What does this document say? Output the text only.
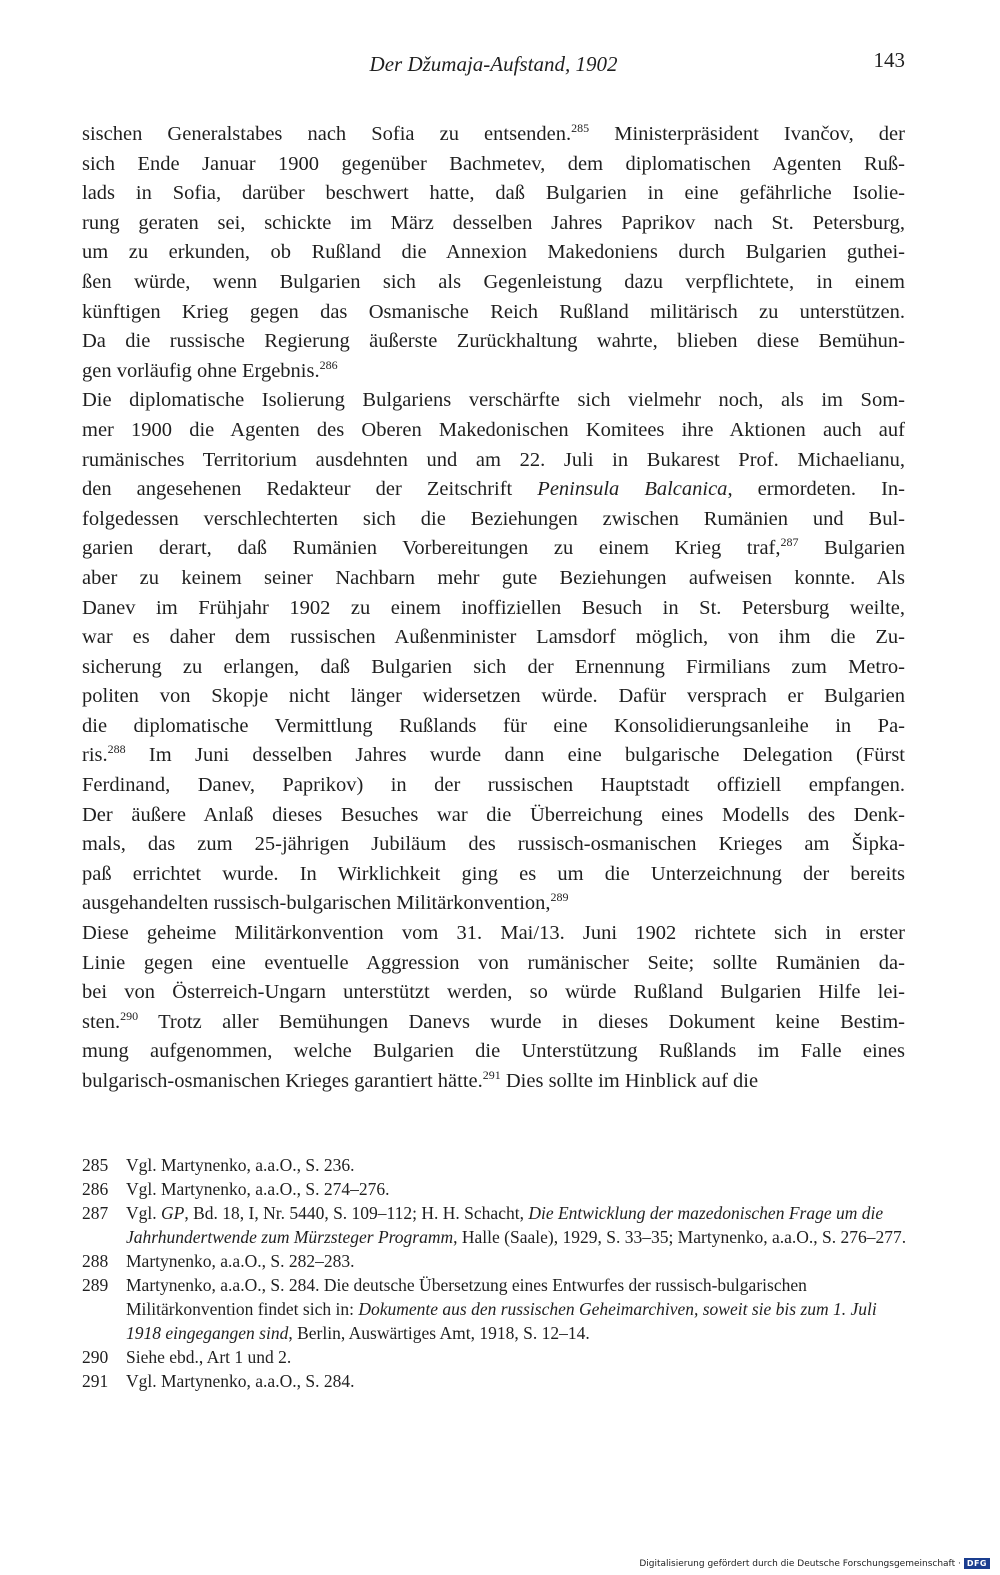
Der Džumaja-Aufstand, 1902	143

sischen Generalstabes nach Sofia zu entsenden.$^{285}$ Ministerpräsident Ivančov, der
sich Ende Januar 1900 gegenüber Bachmetev, dem diplomatischen Agenten Ruß-
lads in Sofia, darüber beschwert hatte, daß Bulgarien in eine gefährliche Isolie-
rung geraten sei, schickte im März desselben Jahres Paprikov nach St. Petersburg,
um zu erkunden, ob Rußland die Annexion Makedoniens durch Bulgarien guthei-
ßen würde, wenn Bulgarien sich als Gegenleistung dazu verpflichtete, in einem
künftigen Krieg gegen das Osmanische Reich Rußland militärisch zu unterstützen.
Da die russische Regierung äußerste Zurückhaltung wahrte, blieben diese Bemühun-
gen vorläufig ohne Ergebnis.$^{286}$

Die diplomatische Isolierung Bulgariens verschärfte sich vielmehr noch, als im Som-
mer 1900 die Agenten des Oberen Makedonischen Komitees ihre Aktionen auch auf
rumänisches Territorium ausdehnten und am 22. Juli in Bukarest Prof. Michaelianu,
den angesehenen Redakteur der Zeitschrift Peninsula Balcanica, ermordeten. In-
folgedessen verschlechterten sich die Beziehungen zwischen Rumänien und Bul-
garien derart, daß Rumänien Vorbereitungen zu einem Krieg traf,$^{287}$ Bulgarien
aber zu keinem seiner Nachbarn mehr gute Beziehungen aufweisen konnte. Als
Danev im Frühjahr 1902 zu einem inoffiziellen Besuch in St. Petersburg weilte,
war es daher dem russischen Außenminister Lamsdorf möglich, von ihm die Zu-
sicherung zu erlangen, daß Bulgarien sich der Ernennung Firmilians zum Metro-
politen von Skopje nicht länger widersetzen würde. Dafür versprach er Bulgarien
die diplomatische Vermittlung Rußlands für eine Konsolidierungsanleihe in Pa-
ris.$^{288}$ Im Juni desselben Jahres wurde dann eine bulgarische Delegation (Fürst
Ferdinand, Danev, Paprikov) in der russischen Hauptstadt offiziell empfangen.
Der äußere Anlaß dieses Besuches war die Überreichung eines Modells des Denk-
mals, das zum 25-jährigen Jubiläum des russisch-osmanischen Krieges am Šipka-
paß errichtet wurde. In Wirklichkeit ging es um die Unterzeichnung der bereits
ausgehandelten russisch-bulgarischen Militärkonvention,$^{289}$

Diese geheime Militärkonvention vom 31. Mai/13. Juni 1902 richtete sich in erster
Linie gegen eine eventuelle Aggression von rumänischer Seite; sollte Rumänien da-
bei von Österreich-Ungarn unterstützt werden, so würde Rußland Bulgarien Hilfe lei-
sten.$^{290}$ Trotz aller Bemühungen Danevs wurde in dieses Dokument keine Bestim-
mung aufgenommen, welche Bulgarien die Unterstützung Rußlands im Falle eines
bulgarisch-osmanischen Krieges garantiert hätte.$^{291}$ Dies sollte im Hinblick auf die

285	Vgl. Martynenko, a.a.O., S. 236.
286	Vgl. Martynenko, a.a.O., S. 274–276.
287	Vgl. GP, Bd. 18, I, Nr. 5440, S. 109–112; H. H. Schacht, Die Entwicklung der mazedonischen Frage um die Jahrhundertwende zum Mürzsteger Programm, Halle (Saale), 1929, S. 33–35; Martynenko, a.a.O., S. 276–277.
288	Martynenko, a.a.O., S. 282–283.
289	Martynenko, a.a.O., S. 284. Die deutsche Übersetzung eines Entwurfes der russisch-bulgarischen Militärkonvention findet sich in: Dokumente aus den russischen Geheimarchiven, soweit sie bis zum 1. Juli 1918 eingegangen sind, Berlin, Auswärtiges Amt, 1918, S. 12–14.
290	Siehe ebd., Art 1 und 2.
291	Vgl. Martynenko, a.a.O., S. 284.
Digitalisierung gefördert durch die Deutsche Forschungsgemeinschaft · DFG
